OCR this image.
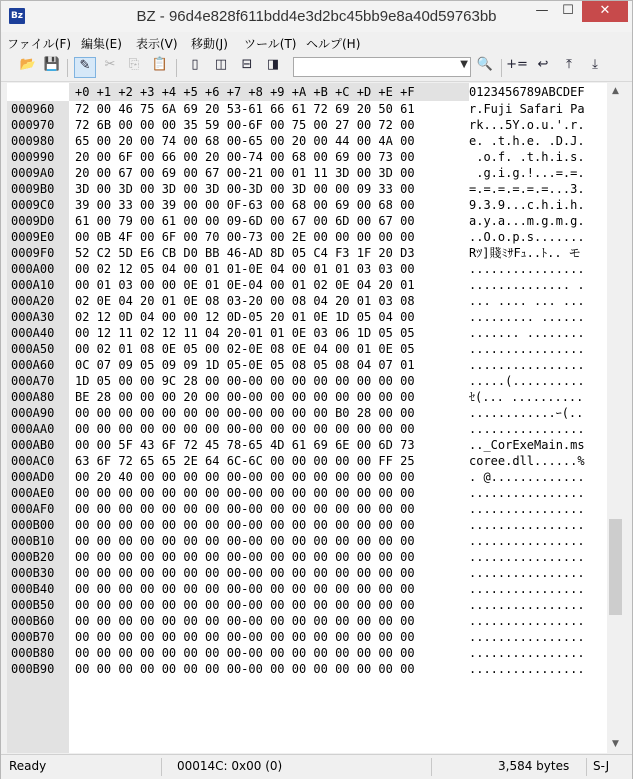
Bz	BZ - 96d4e828f611bdd4e3d2bc45bb9e8a40d59763bb	—	☐	✕
ファイル(F) 編集(E) 表示(V) 移動(J) ツール(T) ヘルプ(H)
📂 💾	✎	✂	⎘ 📋	▯	◫	⊟	◨	🔍 += ↩	⤒	⤓
▼
+0 +1 +2 +3 +4 +5 +6 +7 +8 +9 +A +B +C +D +E +F	0123456789ABCDEF
000960 72 00 46 75 6A 69 20 53-61 66 61 72 69 20 50 61	r.Fuji Safari Pa
000970 72 6B 00 00 00 35 59 00-6F 00 75 00 27 00 72 00	rk...5Y.o.u.'.r.
000980 65 00 20 00 74 00 68 00-65 00 20 00 44 00 4A 00	e. .t.h.e. .D.J.
000990 20 00 6F 00 66 00 20 00-74 00 68 00 69 00 73 00	.o.f. .t.h.i.s.
0009A0 20 00 67 00 69 00 67 00-21 00 01 11 3D 00 3D 00	.g.i.g.!...=.=.
0009B0 3D 00 3D 00 3D 00 3D 00-3D 00 3D 00 00 09 33 00	=.=.=.=.=.=...3.
0009C0 39 00 33 00 39 00 00 0F-63 00 68 00 69 00 68 00	9.3.9...c.h.i.h.
0009D0 61 00 79 00 61 00 00 09-6D 00 67 00 6D 00 67 00	a.y.a...m.g.m.g.
0009E0 00 0B 4F 00 6F 00 70 00-73 00 2E 00 00 00 00 00	..O.o.p.s.......
0009F0 52 C2 5D E6 CB D0 BB 46-AD 8D 05 C4 F3 1F 20 D3	Rﾂ]賤ﾐｻFｭ..ﾄ.. モ
000A00 00 02 12 05 04 00 01 01-0E 04 00 01 01 03 03 00	................
000A10 00 01 03 00 00 0E 01 0E-04 00 01 02 0E 04 20 01	.............. .
000A20 02 0E 04 20 01 0E 08 03-20 00 08 04 20 01 03 08	... .... ... ...
000A30 02 12 0D 04 00 00 12 0D-05 20 01 0E 1D 05 04 00	......... ......
000A40 00 12 11 02 12 11 04 20-01 01 0E 03 06 1D 05 05	....... ........
000A50 00 02 01 08 0E 05 00 02-0E 08 0E 04 00 01 0E 05	................
000A60 0C 07 09 05 09 09 1D 05-0E 05 08 05 08 04 07 01	................
000A70 1D 05 00 00 9C 28 00 00-00 00 00 00 00 00 00 00	.....(..........
000A80 BE 28 00 00 00 20 00 00-00 00 00 00 00 00 00 00	ｾ(... ..........
000A90 00 00 00 00 00 00 00 00-00 00 00 00 B0 28 00 00	............ｰ(..
000AA0 00 00 00 00 00 00 00 00-00 00 00 00 00 00 00 00	................
000AB0 00 00 5F 43 6F 72 45 78-65 4D 61 69 6E 00 6D 73	.._CorExeMain.ms
000AC0 63 6F 72 65 65 2E 64 6C-6C 00 00 00 00 00 FF 25	coree.dll......%
000AD0 00 20 40 00 00 00 00 00-00 00 00 00 00 00 00 00	. @.............
000AE0 00 00 00 00 00 00 00 00-00 00 00 00 00 00 00 00	................
000AF0 00 00 00 00 00 00 00 00-00 00 00 00 00 00 00 00	................
000B00 00 00 00 00 00 00 00 00-00 00 00 00 00 00 00 00	................
000B10 00 00 00 00 00 00 00 00-00 00 00 00 00 00 00 00	................
000B20 00 00 00 00 00 00 00 00-00 00 00 00 00 00 00 00	................
000B30 00 00 00 00 00 00 00 00-00 00 00 00 00 00 00 00	................
000B40 00 00 00 00 00 00 00 00-00 00 00 00 00 00 00 00	................
000B50 00 00 00 00 00 00 00 00-00 00 00 00 00 00 00 00	................
000B60 00 00 00 00 00 00 00 00-00 00 00 00 00 00 00 00	................
000B70 00 00 00 00 00 00 00 00-00 00 00 00 00 00 00 00	................
000B80 00 00 00 00 00 00 00 00-00 00 00 00 00 00 00 00	................
000B90 00 00 00 00 00 00 00 00-00 00 00 00 00 00 00 00	................
▲
▼
Ready	00014C: 0x00 (0)	3,584 bytes S-J
